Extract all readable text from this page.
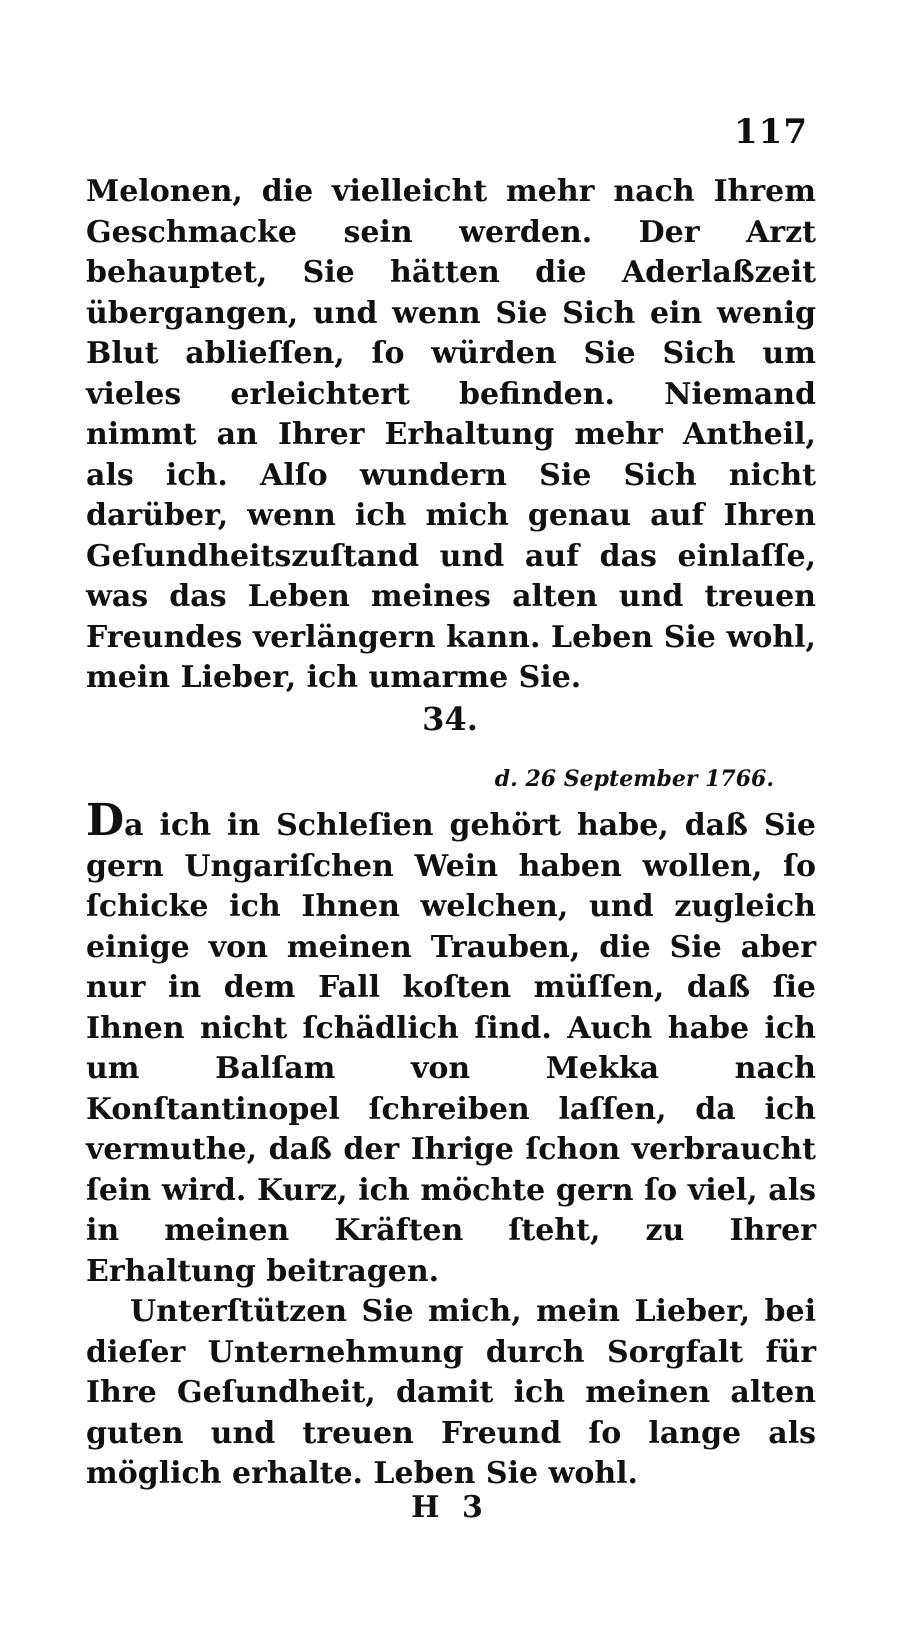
117

Melonen, die vielleicht mehr nach Ihrem Geschmacke sein werden. Der Arzt behauptet, Sie hätten die Aderlaßzeit übergangen, und wenn Sie Sich ein wenig Blut ablieſſen, ſo würden Sie Sich um vieles erleichtert befinden. Niemand nimmt an Ihrer Erhaltung mehr Antheil, als ich. Alſo wundern Sie Sich nicht darüber, wenn ich mich genau auf Ihren Geſundheitszuſtand und auf das einlaſſe, was das Leben meines alten und treuen Freundes verlängern kann. Leben Sie wohl, mein Lieber, ich umarme Sie.

34.
d. 26 September 1766.

Da ich in Schleſien gehört habe, daß Sie gern Ungariſchen Wein haben wollen, ſo ſchicke ich Ihnen welchen, und zugleich einige von meinen Trauben, die Sie aber nur in dem Fall koſten müſſen, daß ſie Ihnen nicht ſchädlich ſind. Auch habe ich um Balſam von Mekka nach Konſtantinopel ſchreiben laſſen, da ich vermuthe, daß der Ihrige ſchon verbraucht ſein wird. Kurz, ich möchte gern ſo viel, als in meinen Kräften ſteht, zu Ihrer Erhaltung beitragen.

Unterſtützen Sie mich, mein Lieber, bei dieſer Unternehmung durch Sorgfalt für Ihre Geſundheit, damit ich meinen alten guten und treuen Freund ſo lange als möglich erhalte. Leben Sie wohl.

H 3
